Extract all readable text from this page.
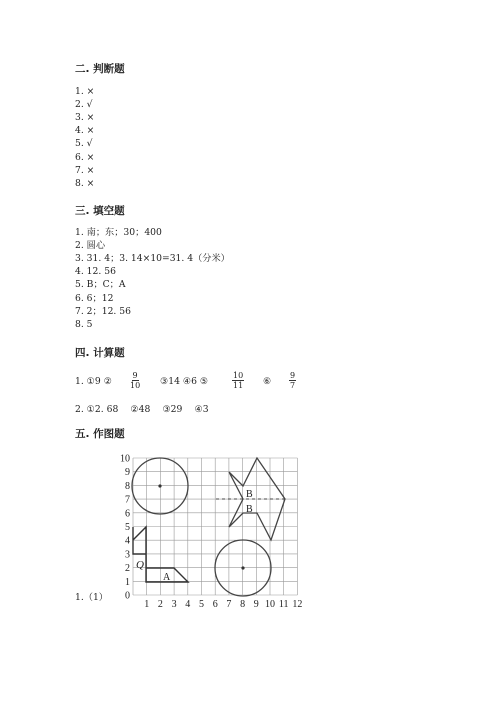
二. 判断题
1. ×
2. √
3. ×
4. ×
5. √
6. ×
7. ×
8. ×
三. 填空题
1. 南；东；30；400
2. 圆心
3. 31. 4；3. 14×10=31. 4（分米）
4. 12. 56
5. B；C；A
6. 6；12
7. 2；12. 56
8. 5
四. 计算题
1. ①9 ② $\frac{9}{10}$ ③14 ④6 ⑤	$\frac{10}{11}$ ⑥ $\frac{9}{7}$
2. ①2. 68　 ②48　 ③29　 ④3
五. 作图题
1.（1） 0
1
2
3
4
5
6
7
8
9
10
1 2 3 4 5 6 7 8 9 10 11 12
Q
A
B
B
